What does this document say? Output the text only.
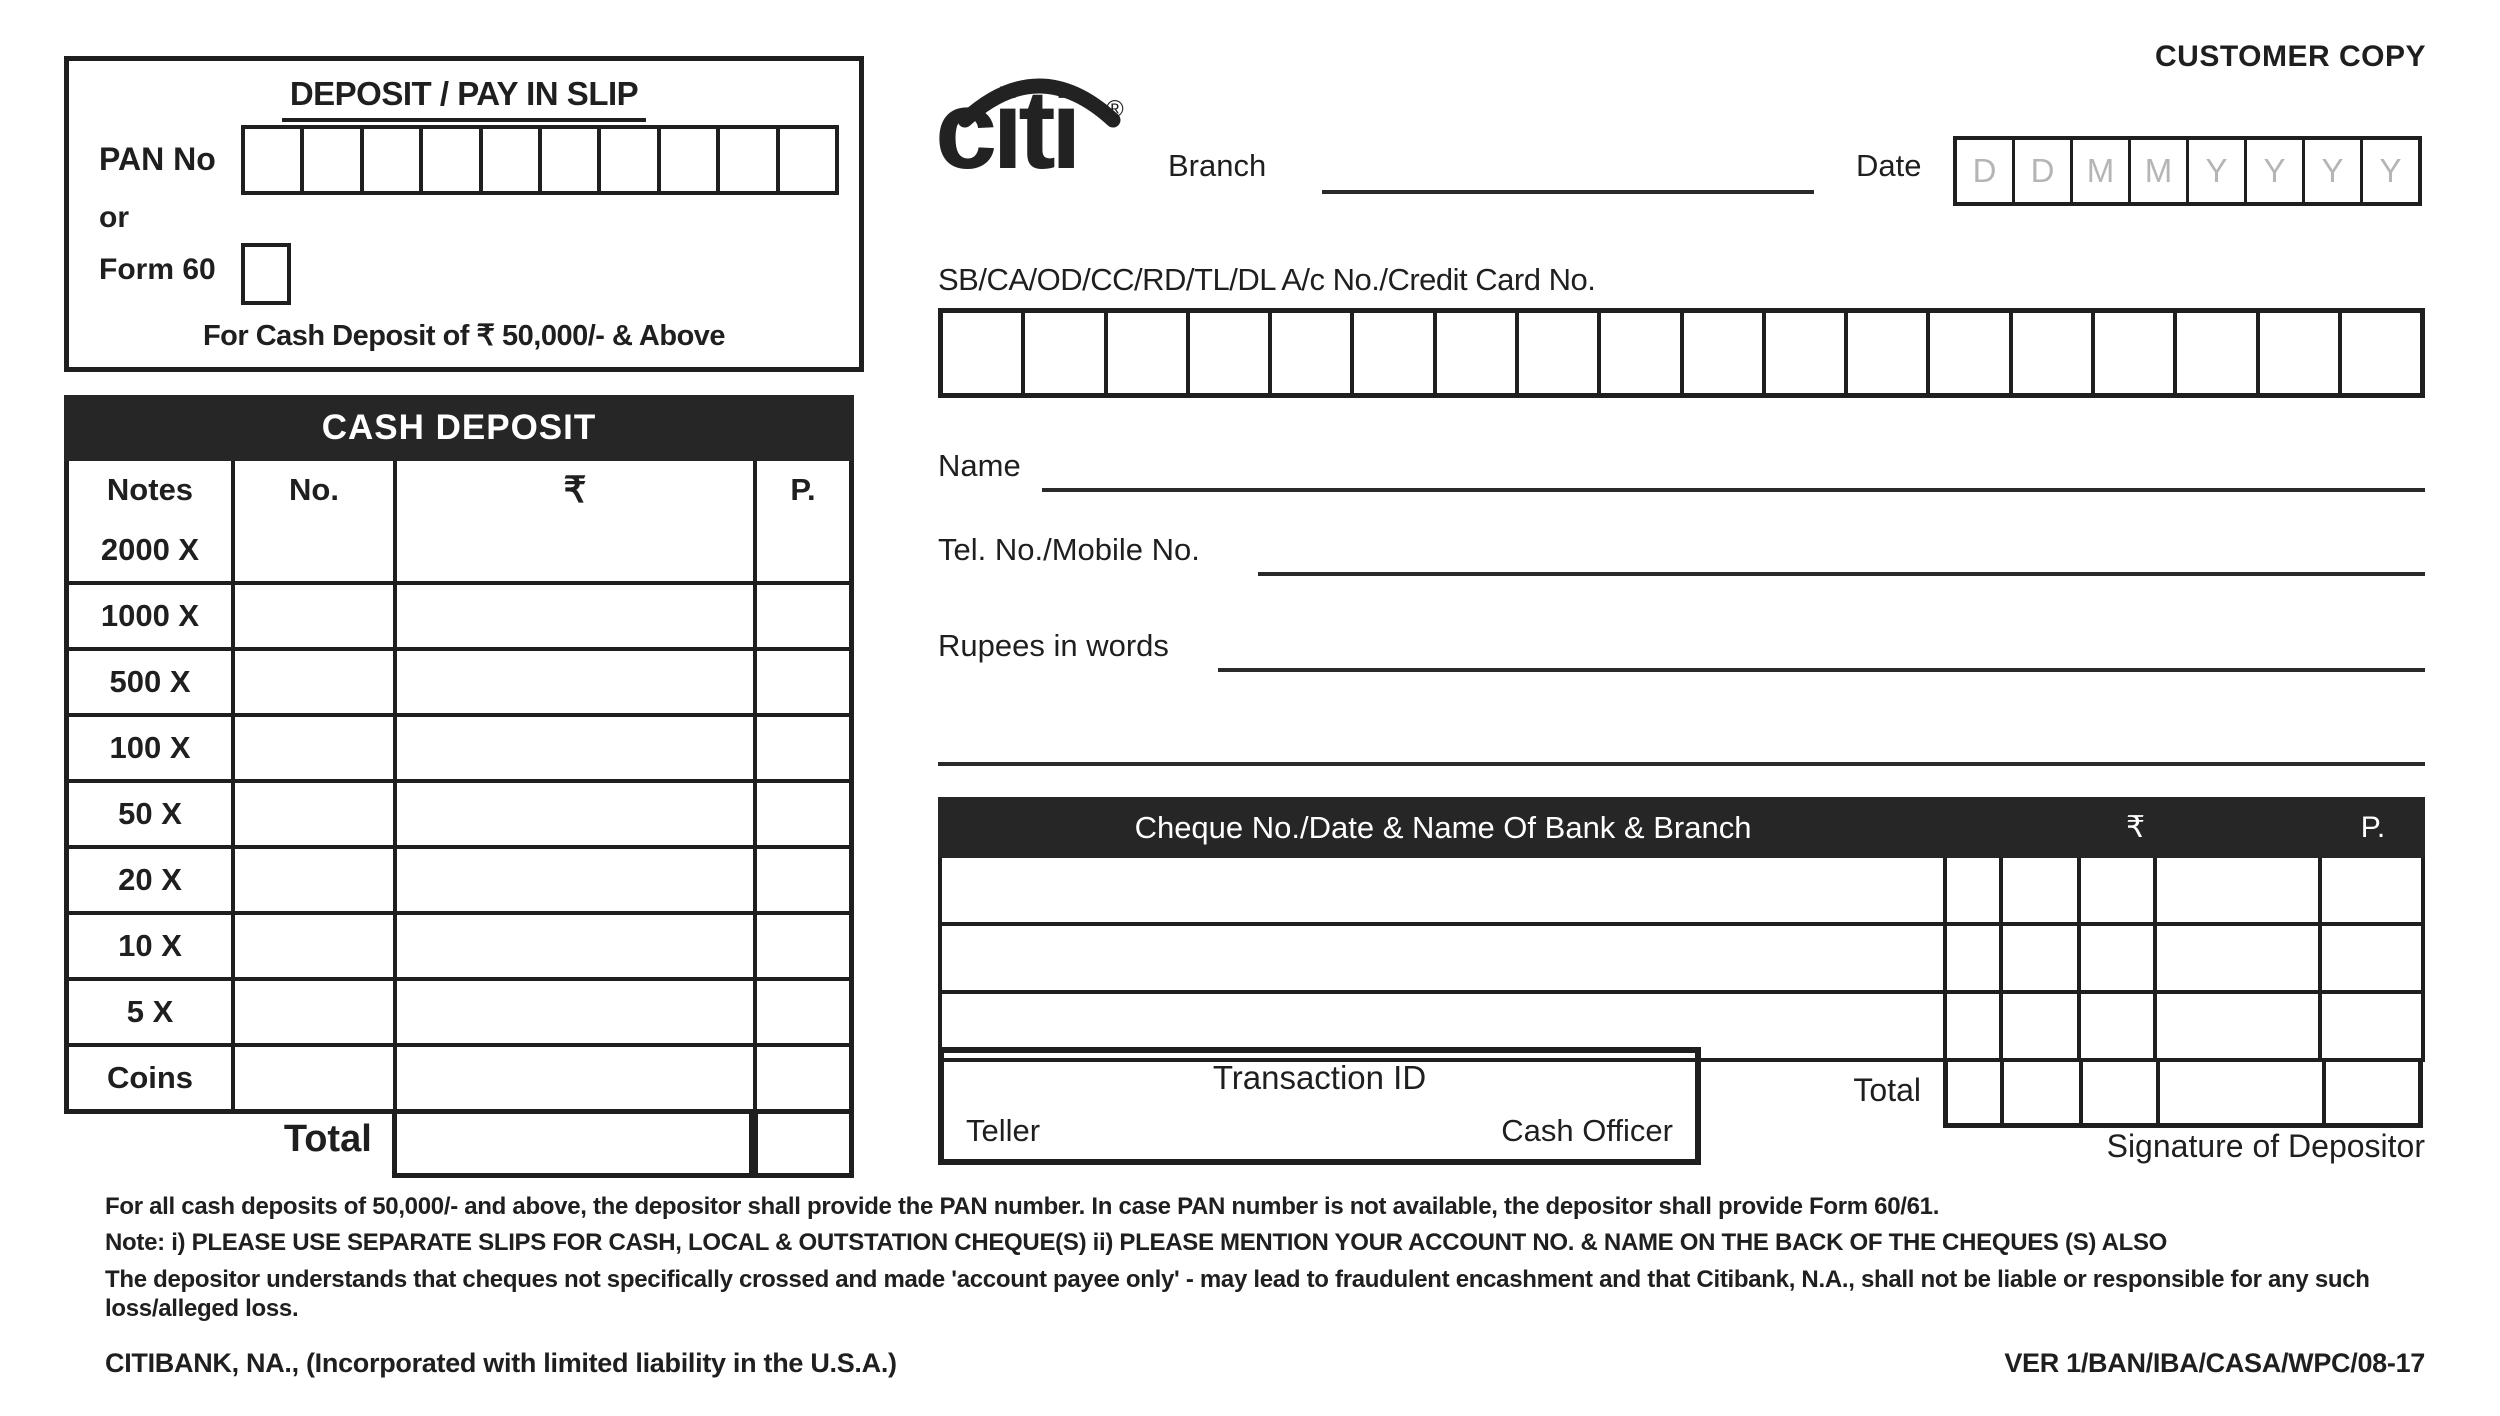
DEPOSIT / PAY IN SLIP
PAN No
or
Form 60
For Cash Deposit of ₹ 50,000/- & Above
CASH DEPOSIT
Notes	No.	₹	P.
2000 X
1000 X
500 X
100 X
50 X
20 X
10 X
5 X
Coins
Total
CUSTOMER COPY
citi ®
Branch	Date	D	D M M	Y	Y	Y	Y
SB/CA/OD/CC/RD/TL/DL A/c No./Credit Card No.
Name
Tel. No./Mobile No.
Rupees in words
Cheque No./Date & Name Of Bank & Branch	₹	P.
Total
Transaction ID
Teller	Cash Officer	Signature of Depositor
For all cash deposits of 50,000/- and above, the depositor shall provide the PAN number. In case PAN number is not available, the depositor shall provide Form 60/61.
Note: i) PLEASE USE SEPARATE SLIPS FOR CASH, LOCAL & OUTSTATION CHEQUE(S) ii) PLEASE MENTION YOUR ACCOUNT NO. & NAME ON THE BACK OF THE CHEQUES (S) ALSO
The depositor understands that cheques not specifically crossed and made 'account payee only' - may lead to fraudulent encashment and that Citibank, N.A., shall not be liable or responsible for any such loss/alleged loss.
CITIBANK, NA., (Incorporated with limited liability in the U.S.A.)	VER 1/BAN/IBA/CASA/WPC/08-17
